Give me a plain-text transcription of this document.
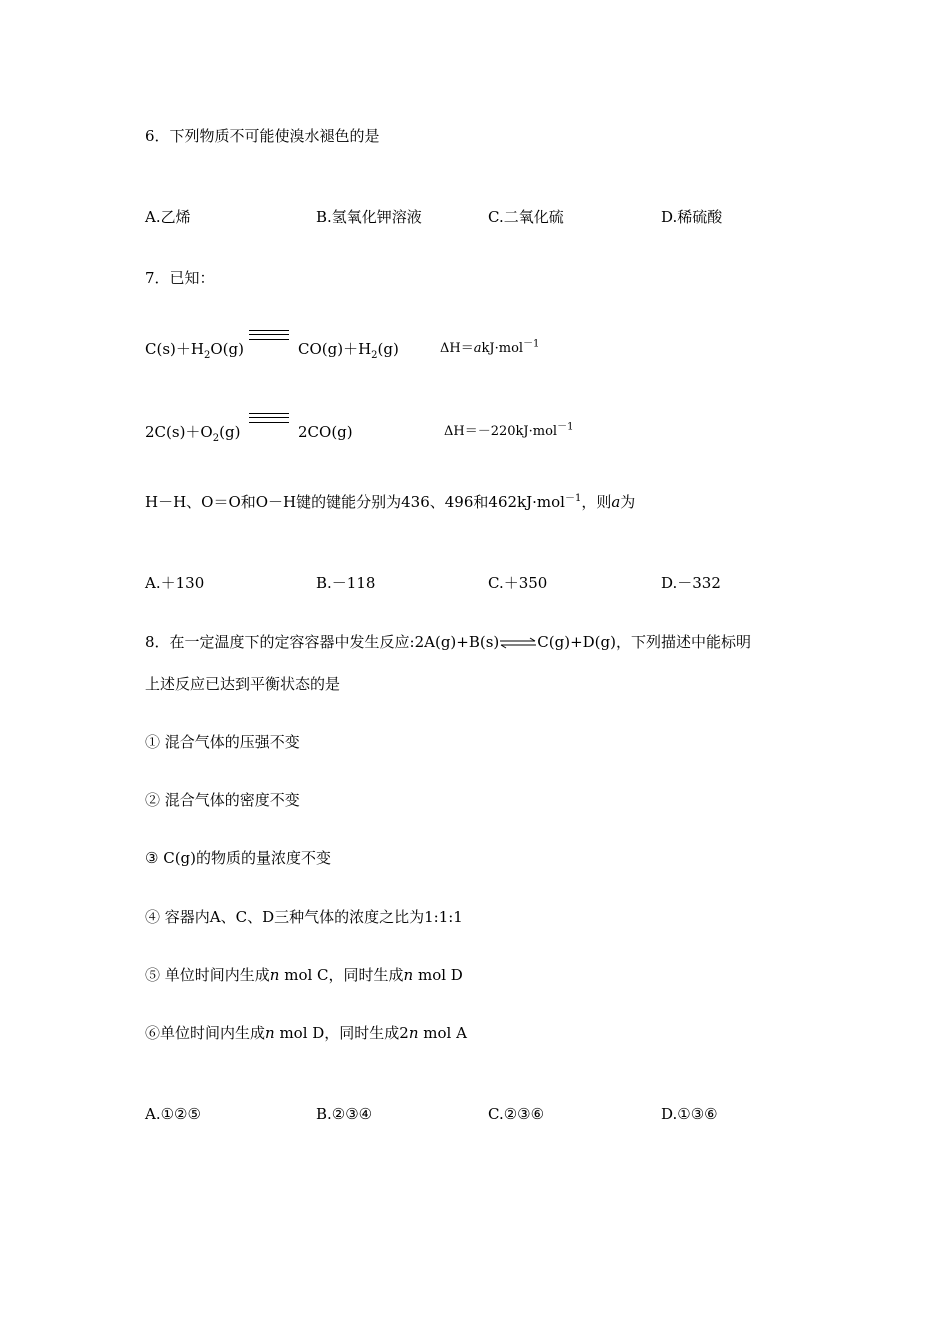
6．下列物质不可能使溴水褪色的是
A.乙烯	B.氢氧化钾溶液	C.二氧化硫	D.稀硫酸
7．已知：
$C(s)+H_2O(g)$	$CO(g)+H_2(g)$	ΔH＝akJ·mol$^{-1}$
$2C(s)+O_2(g)$	2CO(g)	ΔH＝－220kJ·mol$^{-1}$
H－H、O＝O和O－H键的键能分别为436、496和462kJ·mol$^{-1}$，则a为
A.＋130	B.－118	C.＋350	D.－332
8．在一定温度下的定容容器中发生反应:2A(g)+B(s)⇌C(g)+D(g)，下列描述中能标明
上述反应已达到平衡状态的是
① 混合气体的压强不变
② 混合气体的密度不变
③ C(g)的物质的量浓度不变
④ 容器内A、C、D三种气体的浓度之比为1:1:1
⑤ 单位时间内生成n mol C，同时生成n mol D
⑥单位时间内生成n mol D，同时生成2n mol A
A.①②⑤	B.②③④	C.②③⑥	D.①③⑥
